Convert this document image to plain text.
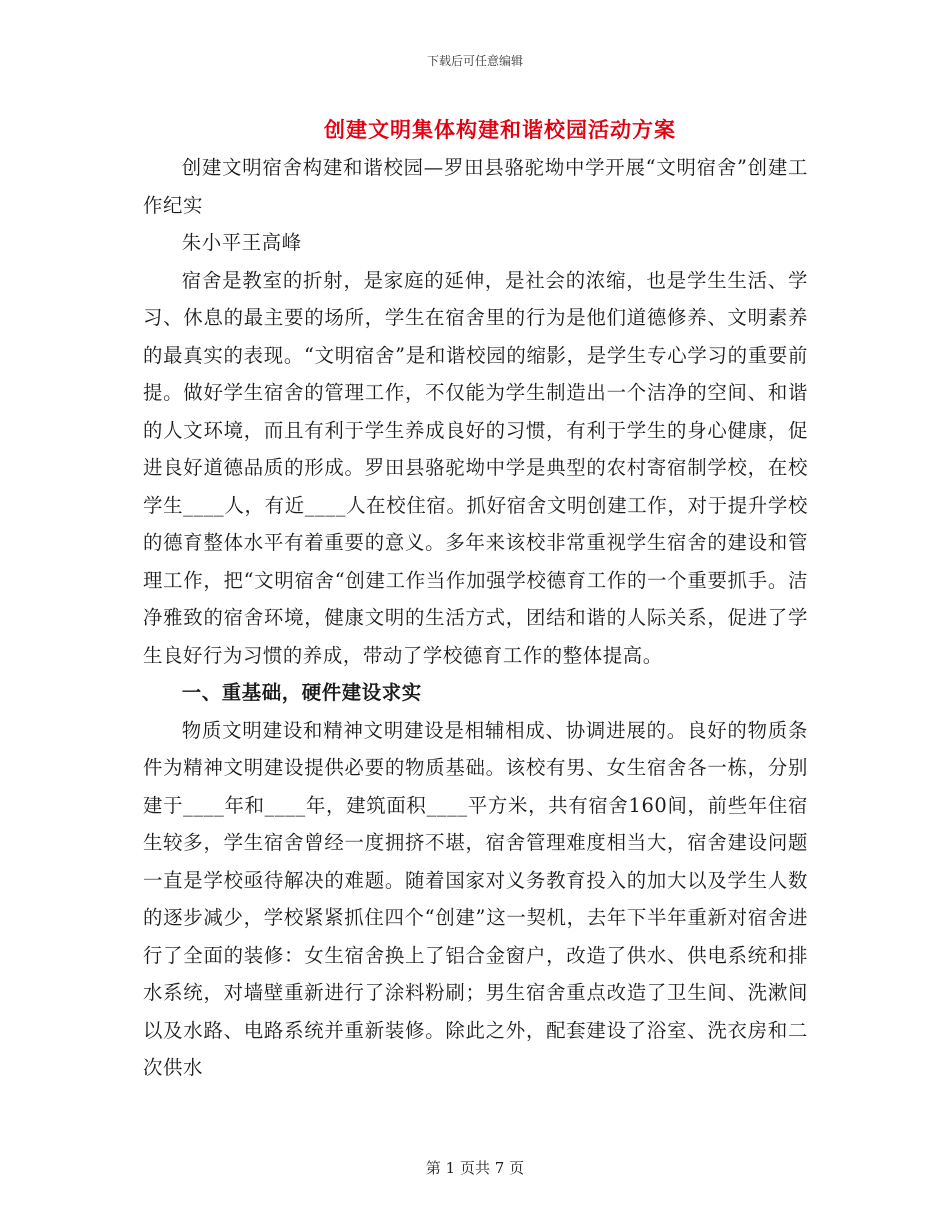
下载后可任意编辑
创建文明集体构建和谐校园活动方案

创建文明宿舍构建和谐校园—罗田县骆驼坳中学开展“文明宿舍”创建工作纪实

朱小平王高峰

宿舍是教室的折射，是家庭的延伸，是社会的浓缩，也是学生生活、学习、休息的最主要的场所，学生在宿舍里的行为是他们道德修养、文明素养的最真实的表现。“文明宿舍”是和谐校园的缩影，是学生专心学习的重要前提。做好学生宿舍的管理工作，不仅能为学生制造出一个洁净的空间、和谐的人文环境，而且有利于学生养成良好的习惯，有利于学生的身心健康，促进良好道德品质的形成。罗田县骆驼坳中学是典型的农村寄宿制学校，在校学生____人，有近____人在校住宿。抓好宿舍文明创建工作，对于提升学校的德育整体水平有着重要的意义。多年来该校非常重视学生宿舍的建设和管理工作，把“文明宿舍“创建工作当作加强学校德育工作的一个重要抓手。洁净雅致的宿舍环境，健康文明的生活方式，团结和谐的人际关系，促进了学生良好行为习惯的养成，带动了学校德育工作的整体提高。

一、重基础，硬件建设求实

物质文明建设和精神文明建设是相辅相成、协调进展的。良好的物质条件为精神文明建设提供必要的物质基础。该校有男、女生宿舍各一栋，分别建于____年和____年，建筑面积____平方米，共有宿舍160间，前些年住宿生较多，学生宿舍曾经一度拥挤不堪，宿舍管理难度相当大，宿舍建设问题一直是学校亟待解决的难题。随着国家对义务教育投入的加大以及学生人数的逐步减少，学校紧紧抓住四个“创建”这一契机，去年下半年重新对宿舍进行了全面的装修：女生宿舍换上了铝合金窗户，改造了供水、供电系统和排水系统，对墙壁重新进行了涂料粉刷；男生宿舍重点改造了卫生间、洗漱间以及水路、电路系统并重新装修。除此之外，配套建设了浴室、洗衣房和二次供水

第 1 页共 7 页
